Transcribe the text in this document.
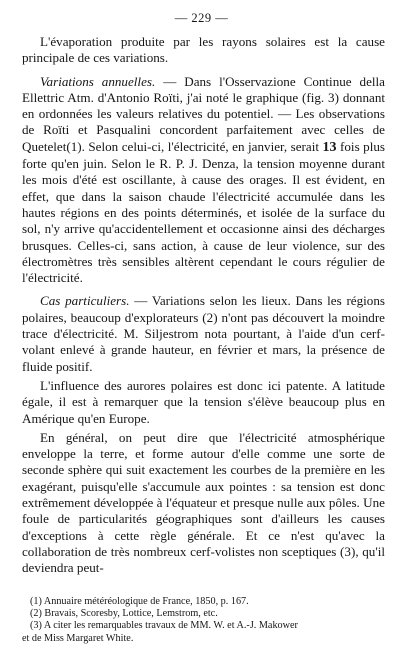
— 229 —

L'évaporation produite par les rayons solaires est la cause principale de ces variations.

Variations annuelles. — Dans l'Osservazione Continue della Ellettric Atm. d'Antonio Roïti, j'ai noté le graphique (fig. 3) donnant en ordonnées les valeurs relatives du potentiel. — Les observations de Roïti et Pasqualini concordent parfaitement avec celles de Quetelet(1). Selon celui-ci, l'électricité, en janvier, serait 13 fois plus forte qu'en juin. Selon le R. P. J. Denza, la tension moyenne durant les mois d'été est oscillante, à cause des orages. Il est évident, en effet, que dans la saison chaude l'électricité accumulée dans les hautes régions en des points déterminés, et isolée de la surface du sol, n'y arrive qu'accidentellement et occasionne ainsi des décharges brusques. Celles-ci, sans action, à cause de leur violence, sur des électromètres très sensibles altèrent cependant le cours régulier de l'électricité.

Cas particuliers. — Variations selon les lieux. Dans les régions polaires, beaucoup d'explorateurs (2) n'ont pas découvert la moindre trace d'électricité. M. Siljestrom nota pourtant, à l'aide d'un cerf-volant enlevé à grande hauteur, en février et mars, la présence de fluide positif.

L'influence des aurores polaires est donc ici patente. A latitude égale, il est à remarquer que la tension s'élève beaucoup plus en Amérique qu'en Europe.

En général, on peut dire que l'électricité atmosphérique enveloppe la terre, et forme autour d'elle comme une sorte de seconde sphère qui suit exactement les courbes de la première en les exagérant, puisqu'elle s'accumule aux pointes : sa tension est donc extrêmement développée à l'équateur et presque nulle aux pôles. Une foule de particularités géographiques sont d'ailleurs les causes d'exceptions à cette règle générale. Et ce n'est qu'avec la collaboration de très nombreux cerf-volistes non sceptiques (3), qu'il deviendra peut-

(1) Annuaire météréologique de France, 1850, p. 167.
(2) Bravais, Scoresby, Lottice, Lemstrom, etc.
(3) A citer les remarquables travaux de MM. W. et A.-J. Makower
et de Miss Margaret White.
